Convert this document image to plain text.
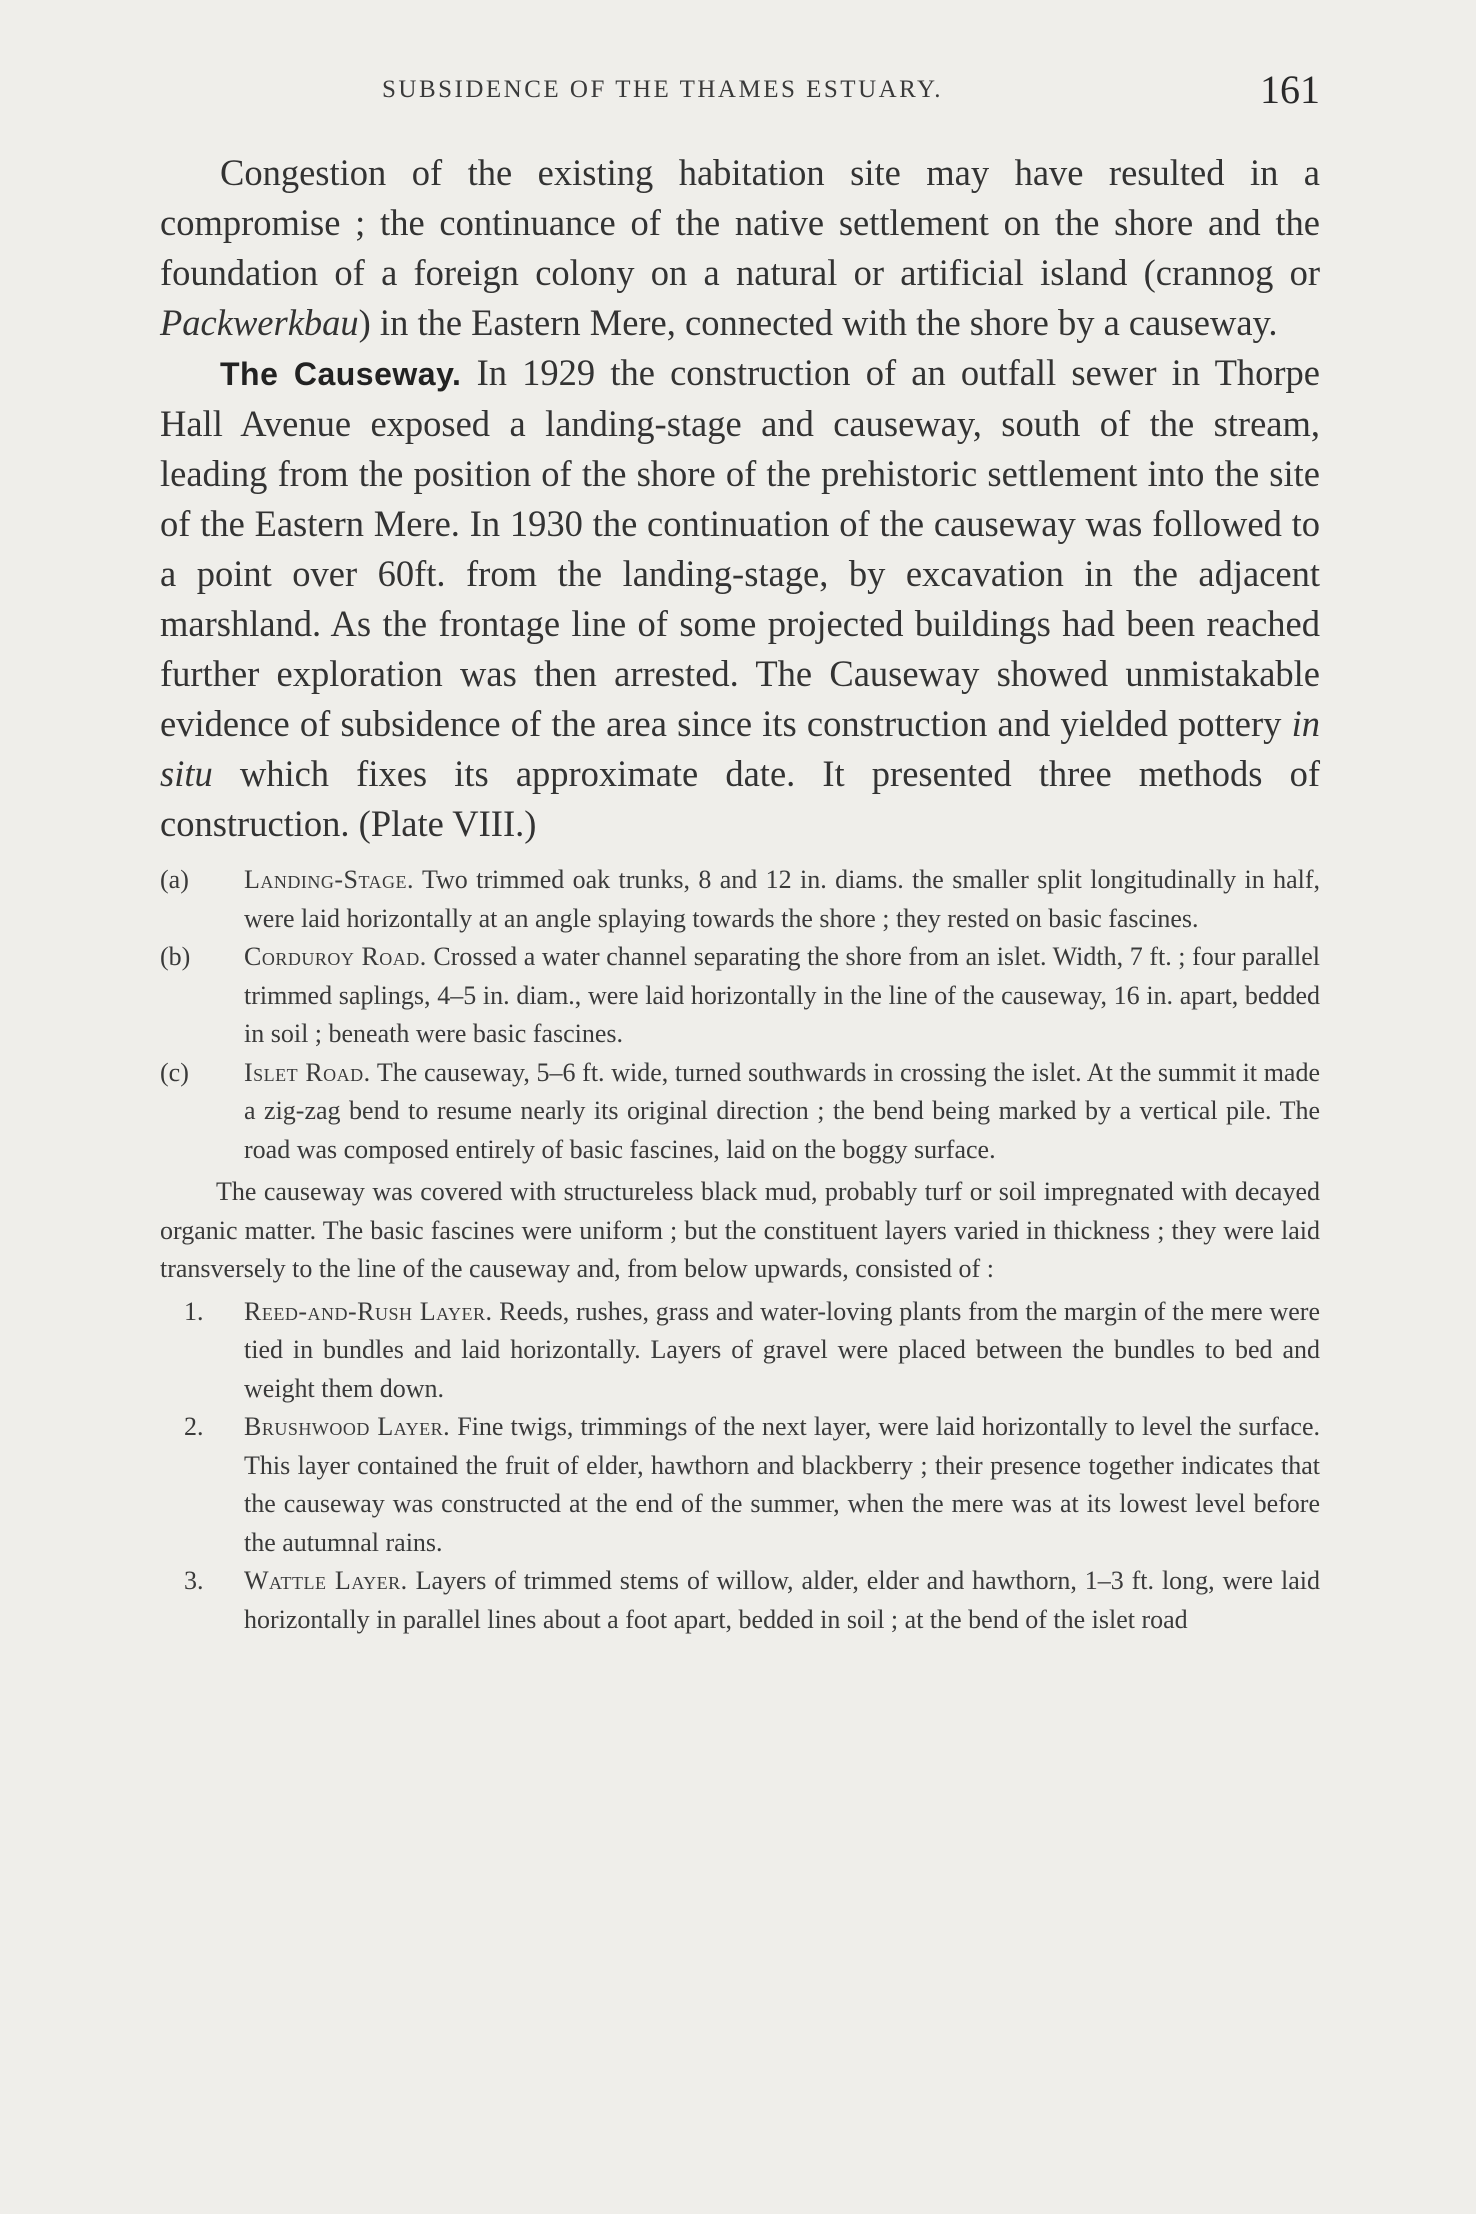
SUBSIDENCE OF THE THAMES ESTUARY.	161

Congestion of the existing habitation site may have resulted in a compromise ; the continuance of the native settlement on the shore and the foundation of a foreign colony on a natural or artificial island (crannog or Packwerkbau) in the Eastern Mere, connected with the shore by a causeway.

The Causeway. In 1929 the construction of an outfall sewer in Thorpe Hall Avenue exposed a landing-stage and causeway, south of the stream, leading from the position of the shore of the prehistoric settlement into the site of the Eastern Mere. In 1930 the continuation of the causeway was followed to a point over 60ft. from the landing-stage, by excavation in the adjacent marshland. As the frontage line of some projected buildings had been reached further exploration was then arrested. The Causeway showed unmistakable evidence of subsidence of the area since its construction and yielded pottery in situ which fixes its approximate date. It presented three methods of construction. (Plate VIII.)

(a) Landing-Stage. Two trimmed oak trunks, 8 and 12 in. diams. the smaller split longitudinally in half, were laid horizontally at an angle splaying towards the shore ; they rested on basic fascines.

(b) Corduroy Road. Crossed a water channel separating the shore from an islet. Width, 7 ft. ; four parallel trimmed saplings, 4–5 in. diam., were laid horizontally in the line of the causeway, 16 in. apart, bedded in soil ; beneath were basic fascines.

(c) Islet Road. The causeway, 5–6 ft. wide, turned southwards in crossing the islet. At the summit it made a zig-zag bend to resume nearly its original direction ; the bend being marked by a vertical pile. The road was composed entirely of basic fascines, laid on the boggy surface.

The causeway was covered with structureless black mud, probably turf or soil impregnated with decayed organic matter. The basic fascines were uniform ; but the constituent layers varied in thickness ; they were laid transversely to the line of the causeway and, from below upwards, consisted of :

1. Reed-and-Rush Layer. Reeds, rushes, grass and water-loving plants from the margin of the mere were tied in bundles and laid horizontally. Layers of gravel were placed between the bundles to bed and weight them down.

2. Brushwood Layer. Fine twigs, trimmings of the next layer, were laid horizontally to level the surface. This layer contained the fruit of elder, hawthorn and blackberry ; their presence together indicates that the causeway was constructed at the end of the summer, when the mere was at its lowest level before the autumnal rains.

3. Wattle Layer. Layers of trimmed stems of willow, alder, elder and hawthorn, 1–3 ft. long, were laid horizontally in parallel lines about a foot apart, bedded in soil ; at the bend of the islet road
